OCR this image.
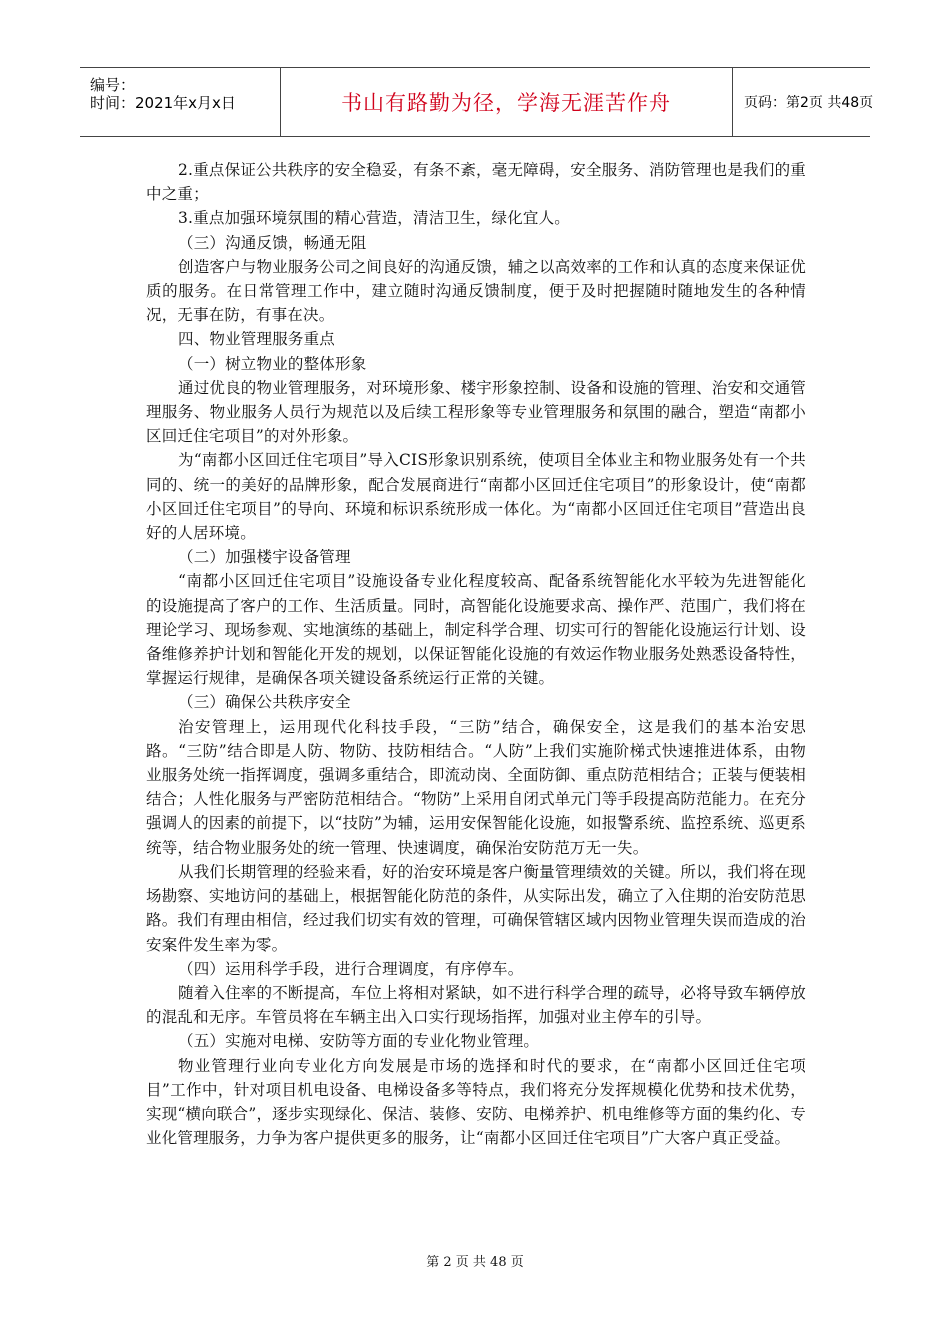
编号：
时间：2021年x月x日	书山有路勤为径，学海无涯苦作舟	页码：第2页 共48页

2.重点保证公共秩序的安全稳妥，有条不紊，毫无障碍，安全服务、消防管理也是我们的重中之重；

3.重点加强环境氛围的精心营造，清洁卫生，绿化宜人。

（三）沟通反馈，畅通无阻

创造客户与物业服务公司之间良好的沟通反馈，辅之以高效率的工作和认真的态度来保证优质的服务。在日常管理工作中，建立随时沟通反馈制度，便于及时把握随时随地发生的各种情况，无事在防，有事在决。

四、物业管理服务重点

（一）树立物业的整体形象

通过优良的物业管理服务，对环境形象、楼宇形象控制、设备和设施的管理、治安和交通管理服务、物业服务人员行为规范以及后续工程形象等专业管理服务和氛围的融合，塑造“南都小区回迁住宅项目”的对外形象。

为“南都小区回迁住宅项目”导入CIS形象识别系统，使项目全体业主和物业服务处有一个共同的、统一的美好的品牌形象，配合发展商进行“南都小区回迁住宅项目”的形象设计，使“南都小区回迁住宅项目”的导向、环境和标识系统形成一体化。为“南都小区回迁住宅项目”营造出良好的人居环境。

（二）加强楼宇设备管理

“南都小区回迁住宅项目”设施设备专业化程度较高、配备系统智能化水平较为先进智能化的设施提高了客户的工作、生活质量。同时，高智能化设施要求高、操作严、范围广，我们将在理论学习、现场参观、实地演练的基础上，制定科学合理、切实可行的智能化设施运行计划、设备维修养护计划和智能化开发的规划，以保证智能化设施的有效运作物业服务处熟悉设备特性，掌握运行规律，是确保各项关键设备系统运行正常的关键。

（三）确保公共秩序安全

治安管理上，运用现代化科技手段，“三防”结合，确保安全，这是我们的基本治安思路。“三防”结合即是人防、物防、技防相结合。“人防”上我们实施阶梯式快速推进体系，由物业服务处统一指挥调度，强调多重结合，即流动岗、全面防御、重点防范相结合；正装与便装相结合；人性化服务与严密防范相结合。“物防”上采用自闭式单元门等手段提高防范能力。在充分强调人的因素的前提下，以“技防”为辅，运用安保智能化设施，如报警系统、监控系统、巡更系统等，结合物业服务处的统一管理、快速调度，确保治安防范万无一失。

从我们长期管理的经验来看，好的治安环境是客户衡量管理绩效的关键。所以，我们将在现场勘察、实地访问的基础上，根据智能化防范的条件，从实际出发，确立了入住期的治安防范思路。我们有理由相信，经过我们切实有效的管理，可确保管辖区域内因物业管理失误而造成的治安案件发生率为零。

（四）运用科学手段，进行合理调度，有序停车。

随着入住率的不断提高，车位上将相对紧缺，如不进行科学合理的疏导，必将导致车辆停放的混乱和无序。车管员将在车辆主出入口实行现场指挥，加强对业主停车的引导。

（五）实施对电梯、安防等方面的专业化物业管理。

物业管理行业向专业化方向发展是市场的选择和时代的要求，在“南都小区回迁住宅项目”工作中，针对项目机电设备、电梯设备多等特点，我们将充分发挥规模化优势和技术优势，实现“横向联合”，逐步实现绿化、保洁、装修、安防、电梯养护、机电维修等方面的集约化、专业化管理服务，力争为客户提供更多的服务，让“南都小区回迁住宅项目”广大客户真正受益。

第 2 页 共 48 页
